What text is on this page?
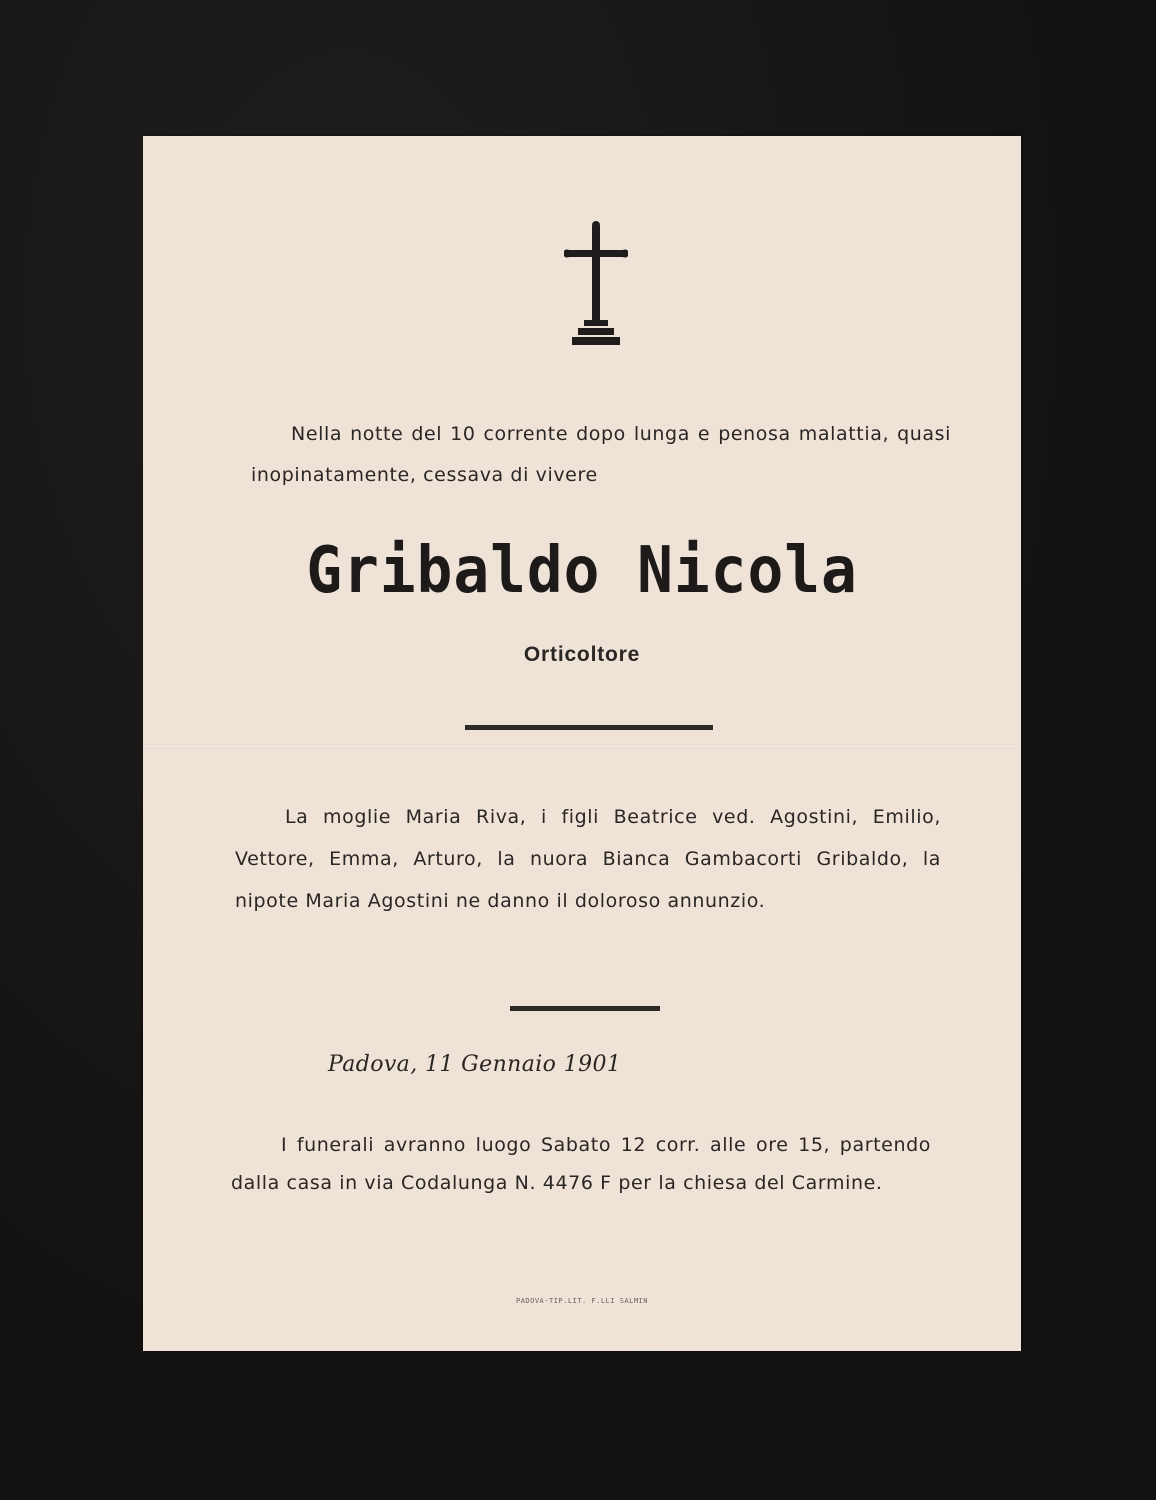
Nella notte del 10 corrente dopo lunga e penosa malattia, quasi inopinatamente, cessava di vivere

Gribaldo Nicola

Orticoltore

La moglie Maria Riva, i figli Beatrice ved. Agostini, Emilio, Vettore, Emma, Arturo, la nuora Bianca Gambacorti Gribaldo, la nipote Maria Agostini ne danno il doloroso annunzio.

Padova, 11 Gennaio 1901

I funerali avranno luogo Sabato 12 corr. alle ore 15, partendo dalla casa in via Codalunga N. 4476 F per la chiesa del Carmine.

PADOVA-TIP.LIT. F.LLI SALMIN
